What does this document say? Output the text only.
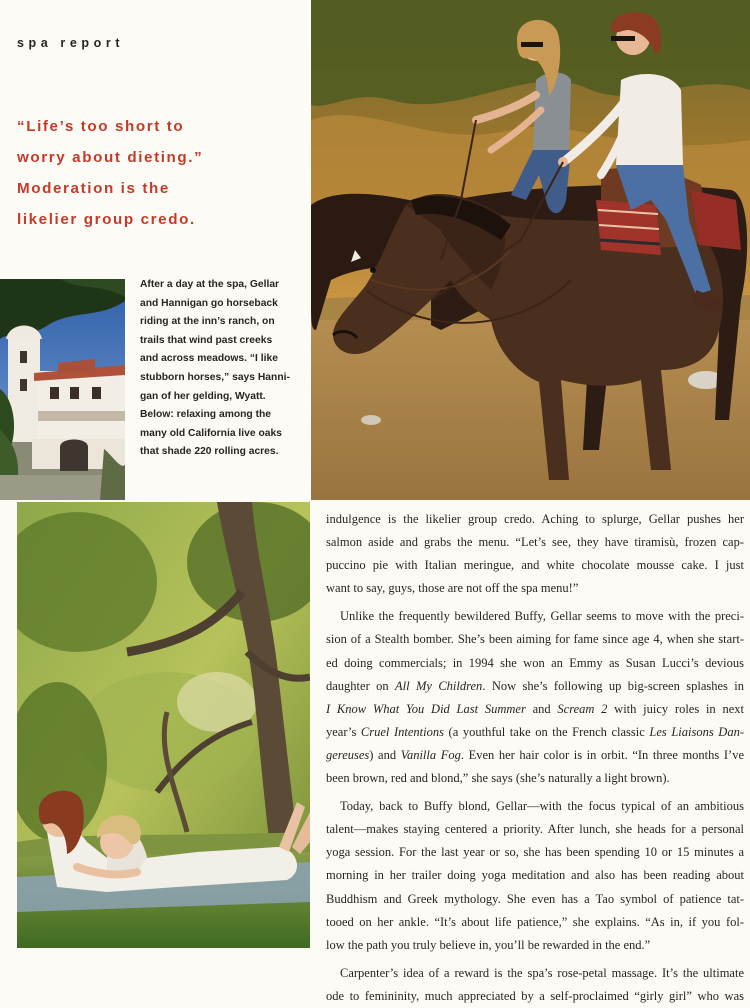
spa report

“Life’s too short to
worry about dieting.”
Moderation is the
likelier group credo.

After a day at the spa, Gellar
and Hannigan go horseback
riding at the inn’s ranch, on
trails that wind past creeks
and across meadows. “I like
stubborn horses,” says Hanni-
gan of her gelding, Wyatt.
Below: relaxing among the
many old California live oaks
that shade 220 rolling acres.

indulgence is the likelier group credo. Aching to splurge, Gellar pushes her
salmon aside and grabs the menu. “Let’s see, they have tiramisù, frozen cap-
puccino pie with Italian meringue, and white chocolate mousse cake. I just
want to say, guys, those are not off the spa menu!”

Unlike the frequently bewildered Buffy, Gellar seems to move with the preci-
sion of a Stealth bomber. She’s been aiming for fame since age 4, when she start-
ed doing commercials; in 1994 she won an Emmy as Susan Lucci’s devious
daughter on All My Children. Now she’s following up big-screen splashes in
I Know What You Did Last Summer and Scream 2 with juicy roles in next
year’s Cruel Intentions (a youthful take on the French classic Les Liaisons Dan-
gereuses) and Vanilla Fog. Even her hair color is in orbit. “In three months I’ve
been brown, red and blond,” she says (she’s naturally a light brown).

Today, back to Buffy blond, Gellar—with the focus typical of an ambitious
talent—makes staying centered a priority. After lunch, she heads for a personal
yoga session. For the last year or so, she has been spending 10 or 15 minutes a
morning in her trailer doing yoga meditation and also has been reading about
Buddhism and Greek mythology. She even has a Tao symbol of patience tat-
tooed on her ankle. “It’s about life patience,” she explains. “As in, if you fol-
low the path you truly believe in, you’ll be rewarded in the end.”

Carpenter’s idea of a reward is the spa’s rose-petal massage. It’s the ultimate
ode to femininity, much appreciated by a self-proclaimed “girly girl” who was
